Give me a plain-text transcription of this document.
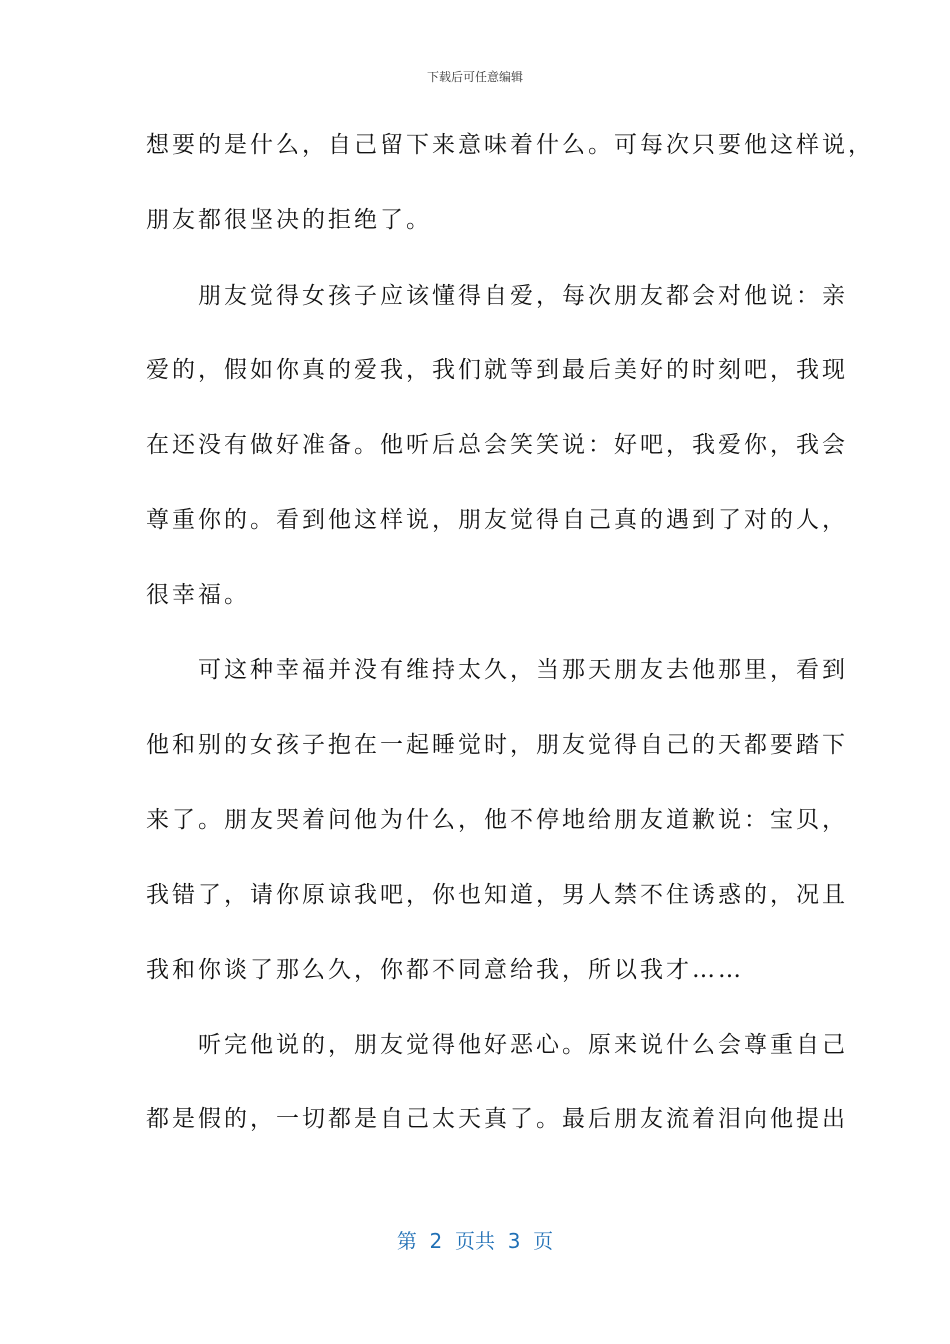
下载后可任意编辑
想要的是什么，自己留下来意味着什么。可每次只要他这样说，
朋友都很坚决的拒绝了。
　　朋友觉得女孩子应该懂得自爱，每次朋友都会对他说：亲
爱的，假如你真的爱我，我们就等到最后美好的时刻吧，我现
在还没有做好准备。他听后总会笑笑说：好吧，我爱你，我会
尊重你的。看到他这样说，朋友觉得自己真的遇到了对的人，
很幸福。
　　可这种幸福并没有维持太久，当那天朋友去他那里，看到
他和别的女孩子抱在一起睡觉时，朋友觉得自己的天都要踏下
来了。朋友哭着问他为什么，他不停地给朋友道歉说：宝贝，
我错了，请你原谅我吧，你也知道，男人禁不住诱惑的，况且
我和你谈了那么久，你都不同意给我，所以我才……
　　听完他说的，朋友觉得他好恶心。原来说什么会尊重自己
都是假的，一切都是自己太天真了。最后朋友流着泪向他提出
第  2  页共  3  页
